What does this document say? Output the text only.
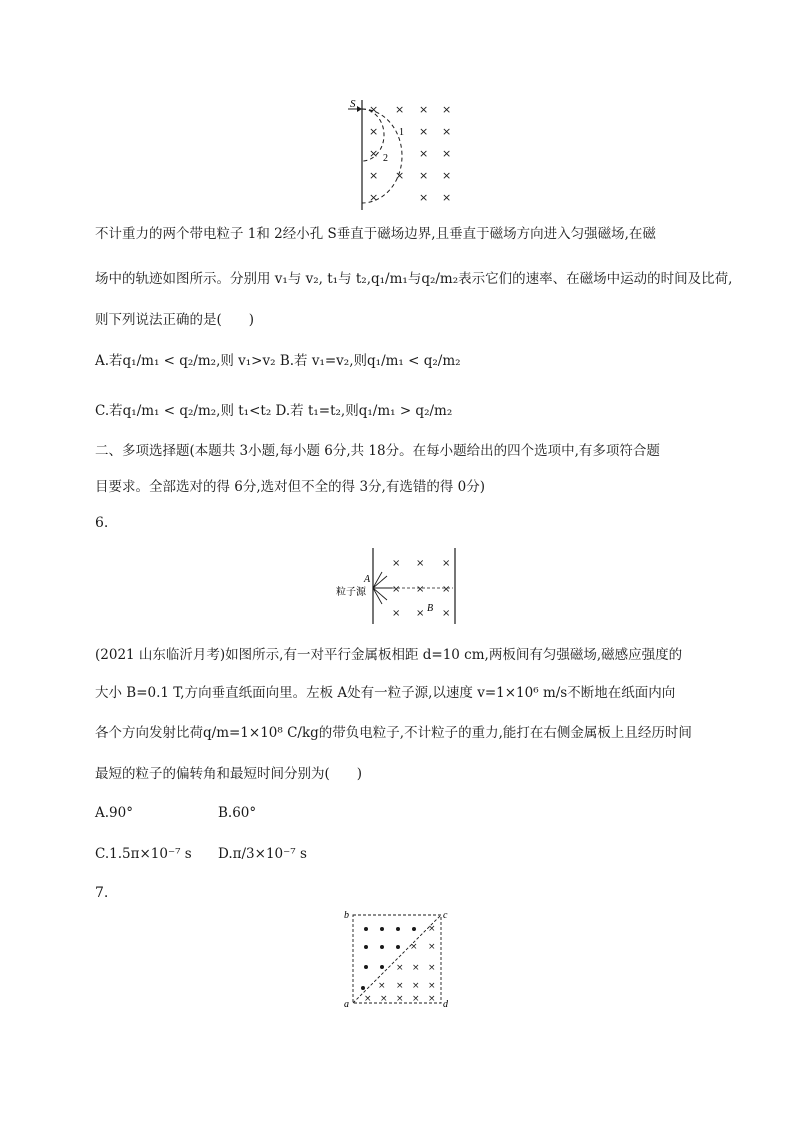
S
1
2
× × × ×
×	× ×
×	× ×
× × × ×
×	× ×
不计重力的两个带电粒子 1和 2经小孔 S垂直于磁场边界,且垂直于磁场方向进入匀强磁场,在磁
场中的轨迹如图所示。分别用 v₁与 v₂, t₁与 t₂,q₁/m₁与q₂/m₂表示它们的速率、在磁场中运动的时间及比荷,
则下列说法正确的是(　　)
A.若q₁/m₁ < q₂/m₂,则 v₁>v₂ B.若 v₁=v₂,则q₁/m₁ < q₂/m₂
C.若q₁/m₁ < q₂/m₂,则 t₁<t₂ D.若 t₁=t₂,则q₁/m₁ > q₂/m₂
二、多项选择题(本题共 3小题,每小题 6分,共 18分。在每小题给出的四个选项中,有多项符合题
目要求。全部选对的得 6分,选对但不全的得 3分,有选错的得 0分)
6.
A
粒子源
B
× × ×
× × ×
× × ×
(2021 山东临沂月考)如图所示,有一对平行金属板相距 d=10 cm,两板间有匀强磁场,磁感应强度的
大小 B=0.1 T,方向垂直纸面向里。左板 A处有一粒子源,以速度 v=1×10⁶ m/s不断地在纸面内向
各个方向发射比荷q/m=1×10⁸ C/kg的带负电粒子,不计粒子的重力,能打在右侧金属板上且经历时间
最短的粒子的偏转角和最短时间分别为(　　)
A.90°	B.60°
C.1.5π×10⁻⁷ s D.π/3×10⁻⁷ s
7.
b	c
a	d
×
× ×
× × ×
× × × ×
× × × × ×
